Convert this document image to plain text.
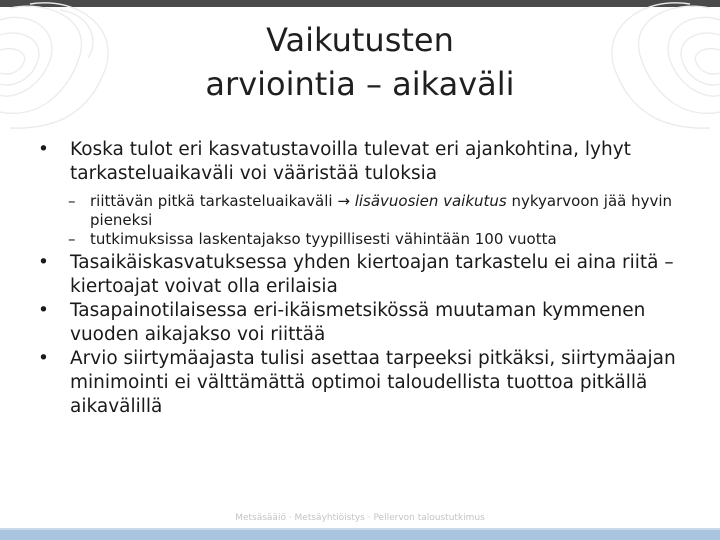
Vaikutusten
arviointia – aikaväli
• Koska tulot eri kasvatustavoilla tulevat eri ajankohtina, lyhyt tarkasteluaikaväli voi vääristää tuloksia
– riittävän pitkä tarkasteluaikaväli → lisävuosien vaikutus nykyarvoon jää hyvin pieneksi
– tutkimuksissa laskentajakso tyypillisesti vähintään 100 vuotta
• Tasaikäiskasvatuksessa yhden kiertoajan tarkastelu ei aina riitä – kiertoajat voivat olla erilaisia
• Tasapainotilaisessa eri-ikäismetsikössä muutaman kymmenen vuoden aikajakso voi riittää
• Arvio siirtymäajasta tulisi asettaa tarpeeksi pitkäksi, siirtymäajan minimointi ei välttämättä optimoi taloudellista tuottoa pitkällä aikavälillä
Metsäsääiö · Metsäyhtiöistys · Pellervon taloustutkimus
